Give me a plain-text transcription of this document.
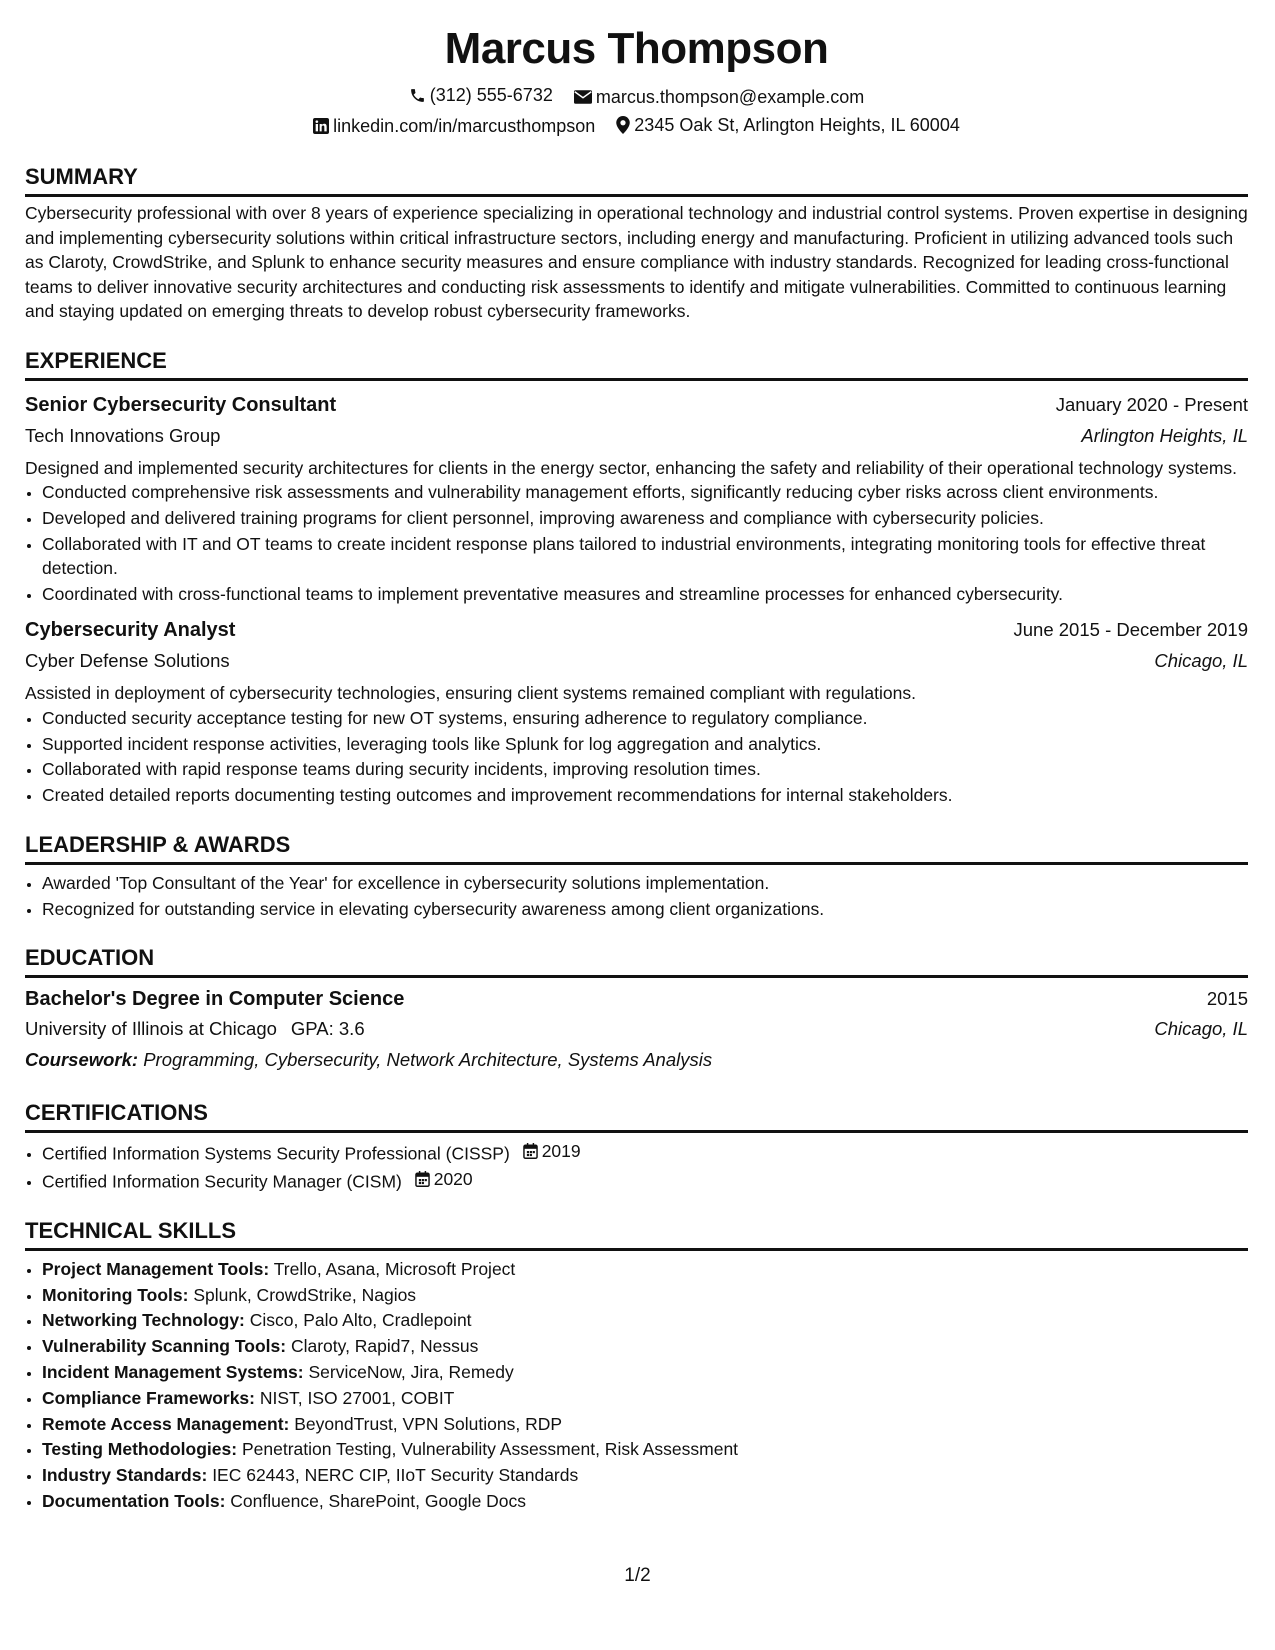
Marcus Thompson
(312) 555-6732
marcus.thompson@example.com
linkedin.com/in/marcusthompson
2345 Oak St, Arlington Heights, IL 60004
SUMMARY
Cybersecurity professional with over 8 years of experience specializing in operational technology and industrial control systems. Proven expertise in designing and implementing cybersecurity solutions within critical infrastructure sectors, including energy and manufacturing. Proficient in utilizing advanced tools such as Claroty, CrowdStrike, and Splunk to enhance security measures and ensure compliance with industry standards. Recognized for leading cross-functional teams to deliver innovative security architectures and conducting risk assessments to identify and mitigate vulnerabilities. Committed to continuous learning and staying updated on emerging threats to develop robust cybersecurity frameworks.
EXPERIENCE
Senior Cybersecurity Consultant	January 2020 - Present
Tech Innovations Group	Arlington Heights, IL
Designed and implemented security architectures for clients in the energy sector, enhancing the safety and reliability of their operational technology systems.
• Conducted comprehensive risk assessments and vulnerability management efforts, significantly reducing cyber risks across client environments.
• Developed and delivered training programs for client personnel, improving awareness and compliance with cybersecurity policies.
• Collaborated with IT and OT teams to create incident response plans tailored to industrial environments, integrating monitoring tools for effective threat detection.
• Coordinated with cross-functional teams to implement preventative measures and streamline processes for enhanced cybersecurity.
Cybersecurity Analyst	June 2015 - December 2019
Cyber Defense Solutions	Chicago, IL
Assisted in deployment of cybersecurity technologies, ensuring client systems remained compliant with regulations.
• Conducted security acceptance testing for new OT systems, ensuring adherence to regulatory compliance.
• Supported incident response activities, leveraging tools like Splunk for log aggregation and analytics.
• Collaborated with rapid response teams during security incidents, improving resolution times.
• Created detailed reports documenting testing outcomes and improvement recommendations for internal stakeholders.
LEADERSHIP & AWARDS
• Awarded 'Top Consultant of the Year' for excellence in cybersecurity solutions implementation.
• Recognized for outstanding service in elevating cybersecurity awareness among client organizations.
EDUCATION
Bachelor's Degree in Computer Science	2015
University of Illinois at Chicago GPA: 3.6	Chicago, IL
Coursework: Programming, Cybersecurity, Network Architecture, Systems Analysis
CERTIFICATIONS
• Certified Information Systems Security Professional (CISSP) 2019
• Certified Information Security Manager (CISM) 2020
TECHNICAL SKILLS
• Project Management Tools: Trello, Asana, Microsoft Project
• Monitoring Tools: Splunk, CrowdStrike, Nagios
• Networking Technology: Cisco, Palo Alto, Cradlepoint
• Vulnerability Scanning Tools: Claroty, Rapid7, Nessus
• Incident Management Systems: ServiceNow, Jira, Remedy
• Compliance Frameworks: NIST, ISO 27001, COBIT
• Remote Access Management: BeyondTrust, VPN Solutions, RDP
• Testing Methodologies: Penetration Testing, Vulnerability Assessment, Risk Assessment
• Industry Standards: IEC 62443, NERC CIP, IIoT Security Standards
• Documentation Tools: Confluence, SharePoint, Google Docs
1/2
